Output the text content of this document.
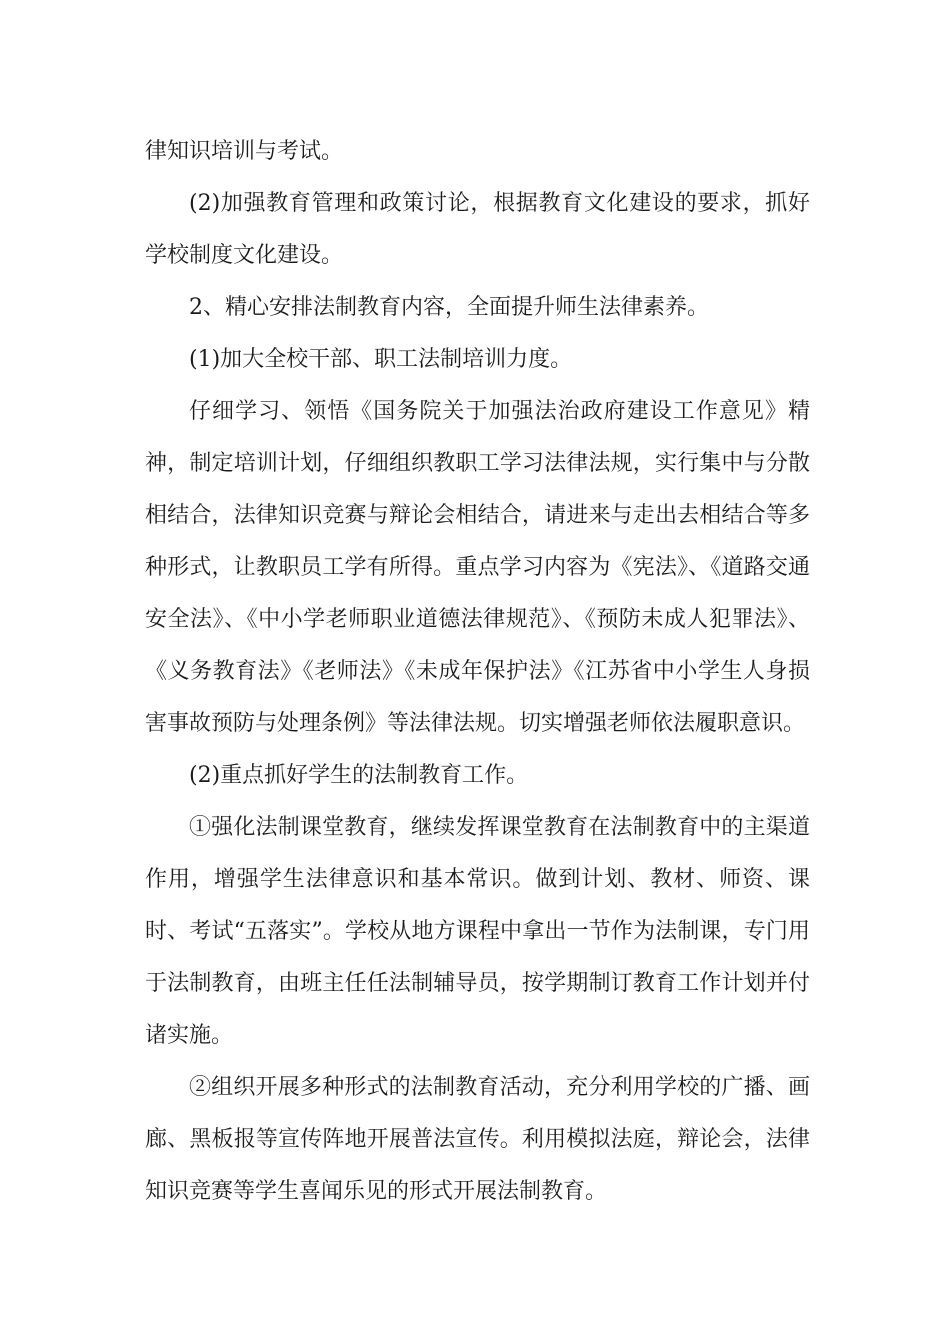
律知识培训与考试。

(2)加强教育管理和政策讨论，根据教育文化建设的要求，抓好学校制度文化建设。

2、精心安排法制教育内容，全面提升师生法律素养。

(1)加大全校干部、职工法制培训力度。

仔细学习、领悟《国务院关于加强法治政府建设工作意见》精神，制定培训计划，仔细组织教职工学习法律法规，实行集中与分散相结合，法律知识竞赛与辩论会相结合，请进来与走出去相结合等多种形式，让教职员工学有所得。重点学习内容为《宪法》、《道路交通安全法》、《中小学老师职业道德法律规范》、《预防未成人犯罪法》、《义务教育法》《老师法》《未成年保护法》《江苏省中小学生人身损害事故预防与处理条例》等法律法规。切实增强老师依法履职意识。

(2)重点抓好学生的法制教育工作。

①强化法制课堂教育，继续发挥课堂教育在法制教育中的主渠道作用，增强学生法律意识和基本常识。做到计划、教材、师资、课时、考试“五落实”。学校从地方课程中拿出一节作为法制课，专门用于法制教育，由班主任任法制辅导员，按学期制订教育工作计划并付诸实施。

②组织开展多种形式的法制教育活动，充分利用学校的广播、画廊、黑板报等宣传阵地开展普法宣传。利用模拟法庭，辩论会，法律知识竞赛等学生喜闻乐见的形式开展法制教育。
